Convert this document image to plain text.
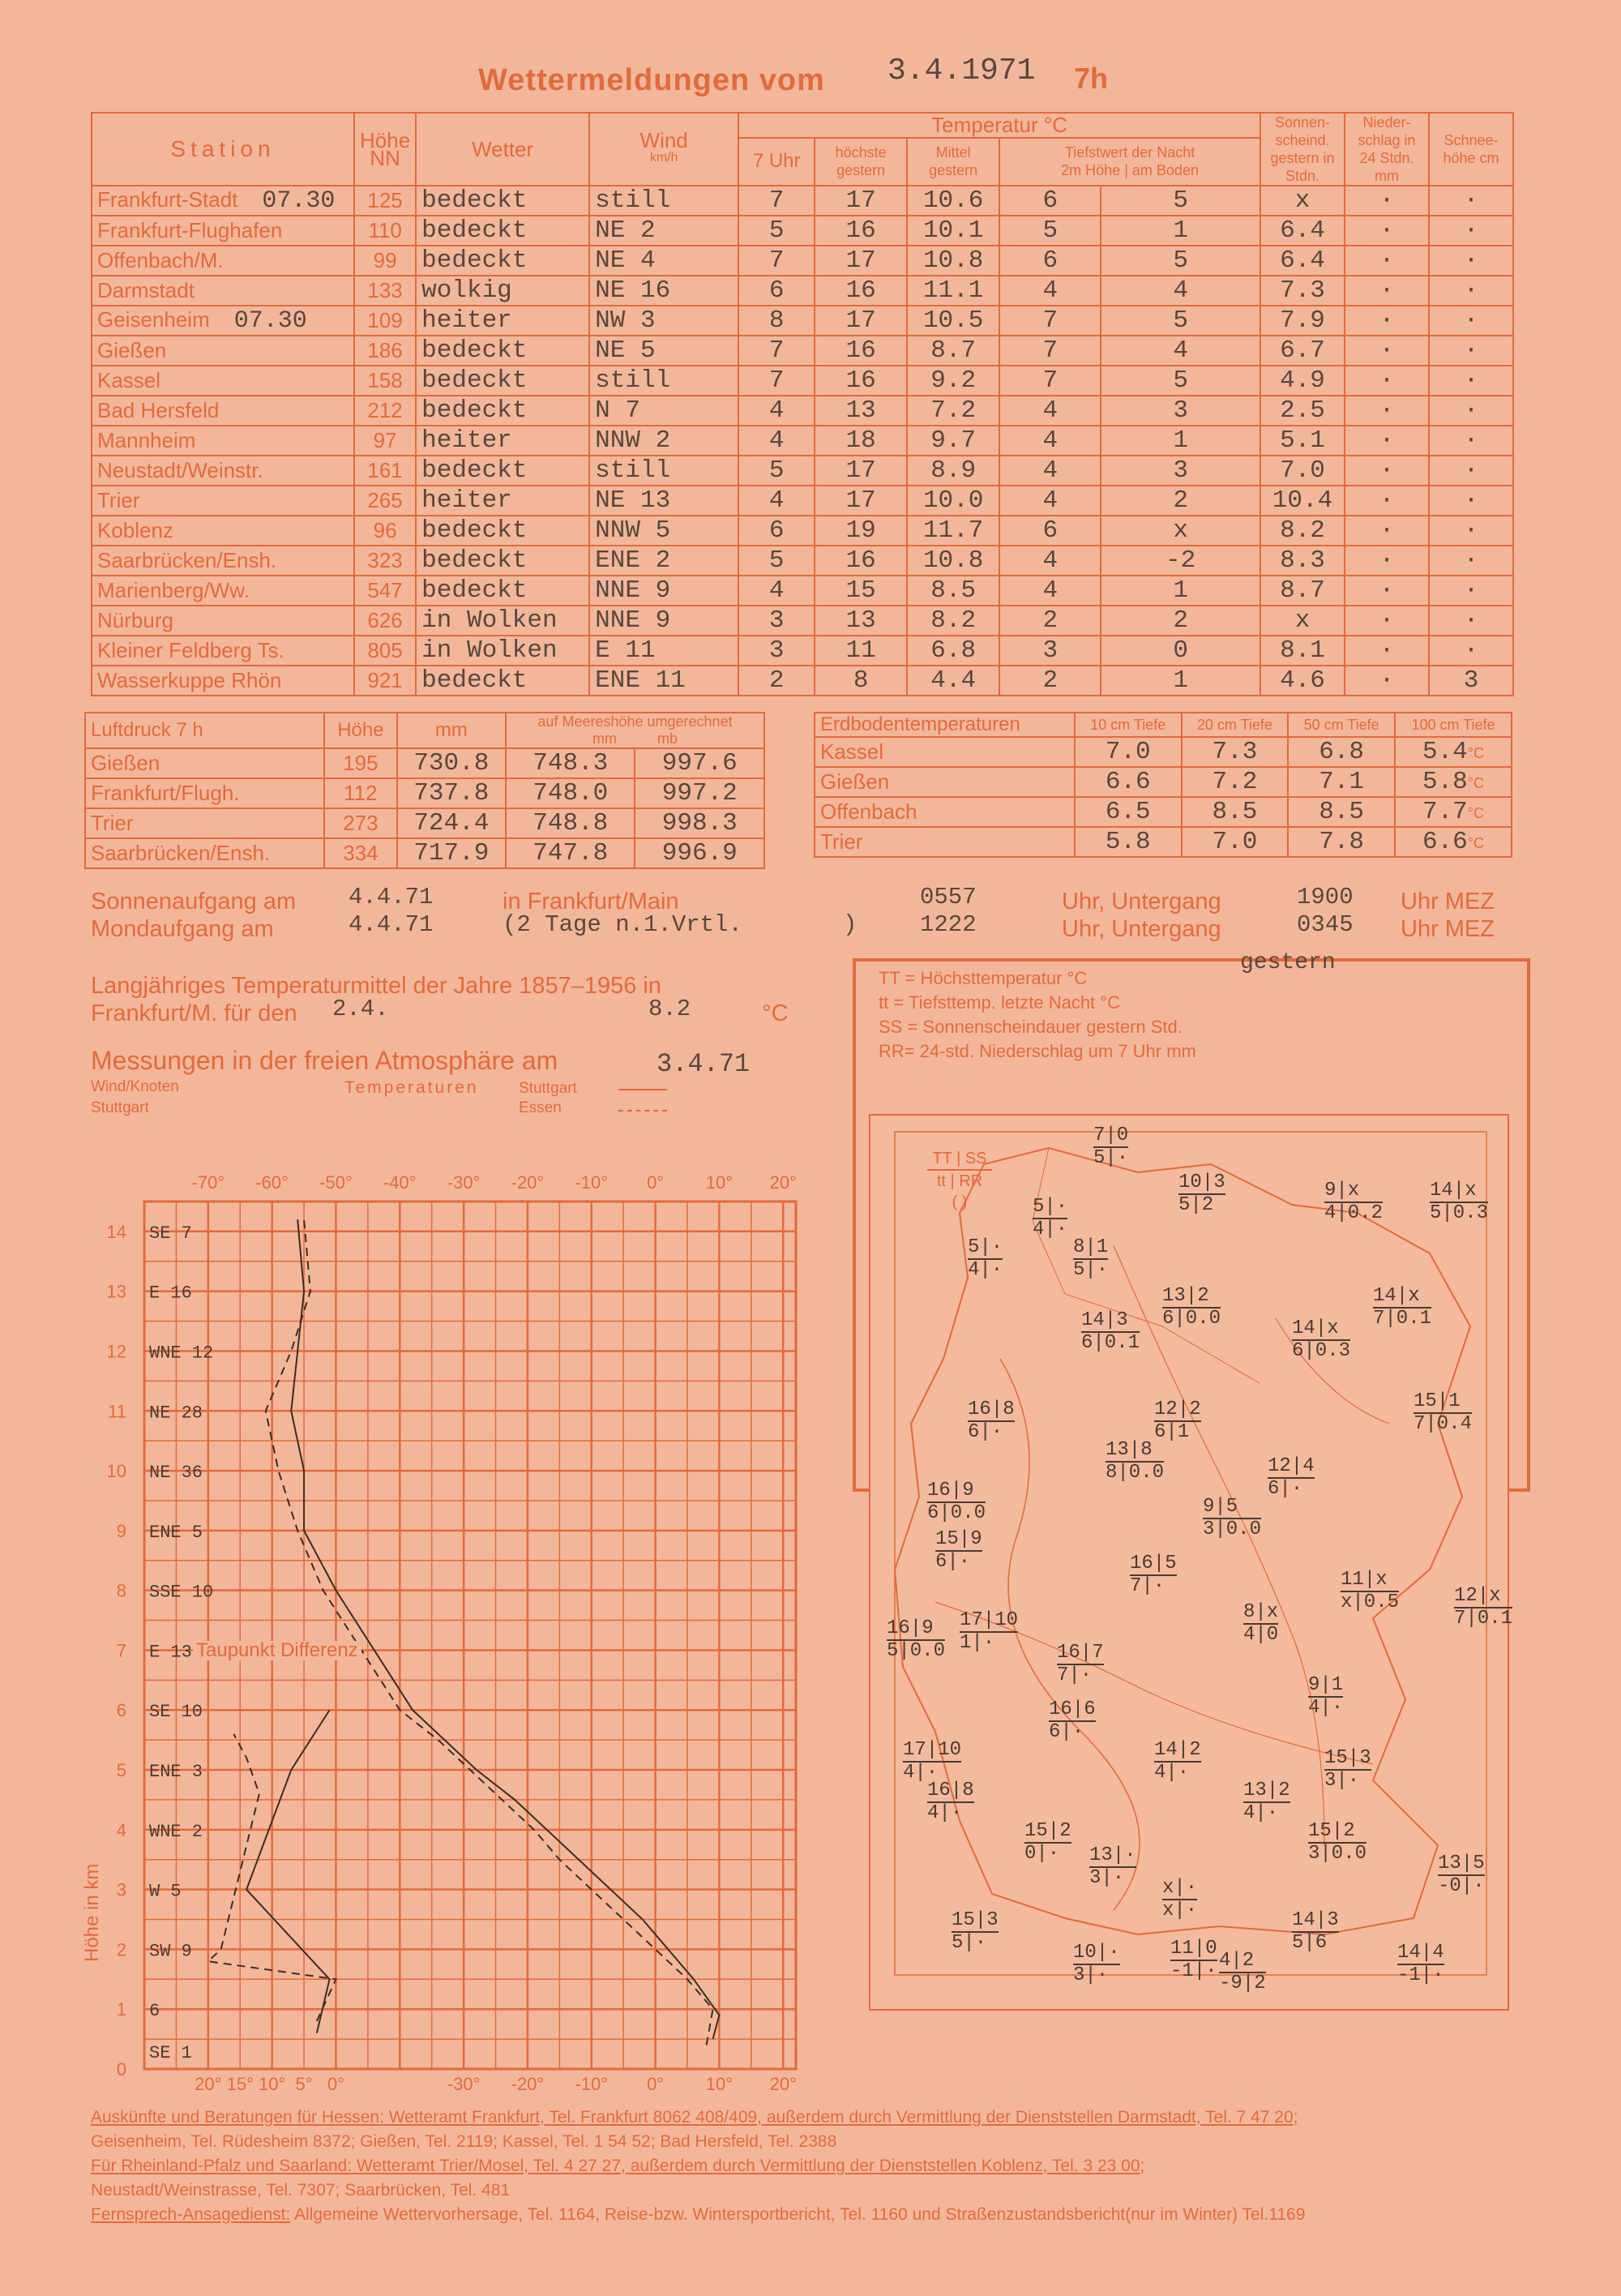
Wettermeldungen vom 3.4.1971 7h
Station	Höhe NN	Wetter	Wind
km/h	Temperatur °C					Sonnen-scheind. gestern in Stdn.	Nieder-schlag in 24 Stdn. mm	Schnee-höhe cm
				7 Uhr	höchste gestern	Mittel gestern	Tiefstwert der Nacht
2m Höhe | am Boden				
Frankfurt-Stadt 07.30	125	bedeckt	still	7	17	10.6	6	5	x	·	·
Frankfurt-Flughafen	110	bedeckt	NE 2	5	16	10.1	5	1	6.4	·	·
Offenbach/M.	99	bedeckt	NE 4	7	17	10.8	6	5	6.4	·	·
Darmstadt	133	wolkig	NE 16	6	16	11.1	4	4	7.3	·	·
Geisenheim 07.30	109	heiter	NW 3	8	17	10.5	7	5	7.9	·	·
Gießen	186	bedeckt	NE 5	7	16	8.7	7	4	6.7	·	·
Kassel	158	bedeckt	still	7	16	9.2	7	5	4.9	·	·
Bad Hersfeld	212	bedeckt	N 7	4	13	7.2	4	3	2.5	·	·
Mannheim	97	heiter	NNW 2	4	18	9.7	4	1	5.1	·	·
Neustadt/Weinstr.	161	bedeckt	still	5	17	8.9	4	3	7.0	·	·
Trier	265	heiter	NE 13	4	17	10.0	4	2	10.4	·	·
Koblenz	96	bedeckt	NNW 5	6	19	11.7	6	x	8.2	·	·
Saarbrücken/Ensh.	323	bedeckt	ENE 2	5	16	10.8	4	-2	8.3	·	·
Marienberg/Ww.	547	bedeckt	NNE 9	4	15	8.5	4	1	8.7	·	·
Nürburg	626	in Wolken	NNE 9	3	13	8.2	2	2	x	·	·
Kleiner Feldberg Ts.	805	in Wolken	E 11	3	11	6.8	3	0	8.1	·	·
Wasserkuppe Rhön	921	bedeckt	ENE 11	2	8	4.4	2	1	4.6	·	3
Luftdruck 7 h	Höhe	mm	auf Meereshöhe umgerechnet
mm mb	
Gießen	195	730.8	748.3	997.6
Frankfurt/Flugh.	112	737.8	748.0	997.2
Trier	273	724.4	748.8	998.3
Saarbrücken/Ensh.	334	717.9	747.8	996.9
Erdbodentemperaturen	10 cm Tiefe	20 cm Tiefe	50 cm Tiefe	100 cm Tiefe
Kassel	7.0	7.3	6.8	5.4°C
Gießen	6.6	7.2	7.1	5.8°C
Offenbach	6.5	8.5	8.5	7.7°C
Trier	5.8	7.0	7.8	6.6°C
Sonnenaufgang am 4.4.71	in Frankfurt/Main	0557	Uhr, Untergang	1900 Uhr MEZ
Mondaufgang am	4.4.71	(2 Tage n.1.Vrtl.	)	1222	Uhr, Untergang	0345 Uhr MEZ
Langjähriges Temperaturmittel der Jahre 1857–1956 in
Frankfurt/M. für den 2.4.	8.2	°C
Messungen in der freien Atmosphäre am	3.4.71
Wind/Knoten
Stuttgart
Temperaturen	Stuttgart
Essen
-70° -60° -50° -40° -30° -20° -10° 0° 10° 20°
-30° -20° -10° 0° 10° 20°
20° 15° 10° 5° 0°
0
1
2
3
4
5
6
7
8
9
10
11
12
13
14 SE 7
E 16
WNE 12
NE 28
NE 36
ENE 5
SSE 10
E 13
SE 10
ENE 3
WNE 2
W 5
SW 9
6
SE 1
Taupunkt Differenz
Höhe in km
TT = Höchsttemperatur °C
tt = Tiefsttemp. letzte Nacht °C
SS = Sonnenscheindauer gestern Std.
RR= 24-std. Niederschlag um 7 Uhr mm
gestern
TT | SS
tt | RR
( )
7|0
5|·
10|3
5|2
5|·
4|·
8|1
5|·
9|x
4|0.2
14|x
5|0.3
5|·
4|·
13|2
6|0.0
14|x
7|0.1
14|3
6|0.1
14|x
6|0.3
16|8
6|·
12|2
6|1
15|1
7|0.4
13|8
8|0.0	12|4
6|·
16|9
6|0.0	9|5
3|0.0
15|9
6|·	16|5
7|·	11|x
x|0.5	12|x
7|0.1
16|9
5|0.0
17|10
1|·
8|x
4|0
16|7
7|·	9|1
4|·
16|6
6|·
17|10
4|·
14|2
4|·
15|3
3|·
13|2
4|·
16|8
4|·
15|2
0|·	13|·
3|·
15|2
3|0.0	13|5
-0|·
x|·
x|·
15|3
5|·
14|3
5|6
10|·
3|·
11|0
-1|· 4|2
-9|2
14|4
-1|·
Auskünfte und Beratungen für Hessen: Wetteramt Frankfurt, Tel. Frankfurt 8062 408/409, außerdem durch Vermittlung der Dienststellen Darmstadt, Tel. 7 47 20;
Geisenheim, Tel. Rüdesheim 8372; Gießen, Tel. 2119; Kassel, Tel. 1 54 52; Bad Hersfeld, Tel. 2388
Für Rheinland-Pfalz und Saarland: Wetteramt Trier/Mosel, Tel. 4 27 27, außerdem durch Vermittlung der Dienststellen Koblenz, Tel. 3 23 00;
Neustadt/Weinstrasse, Tel. 7307; Saarbrücken, Tel. 481
Fernsprech-Ansagedienst: Allgemeine Wettervorhersage, Tel. 1164, Reise-bzw. Wintersportbericht, Tel. 1160 und Straßenzustandsbericht(nur im Winter) Tel.1169
